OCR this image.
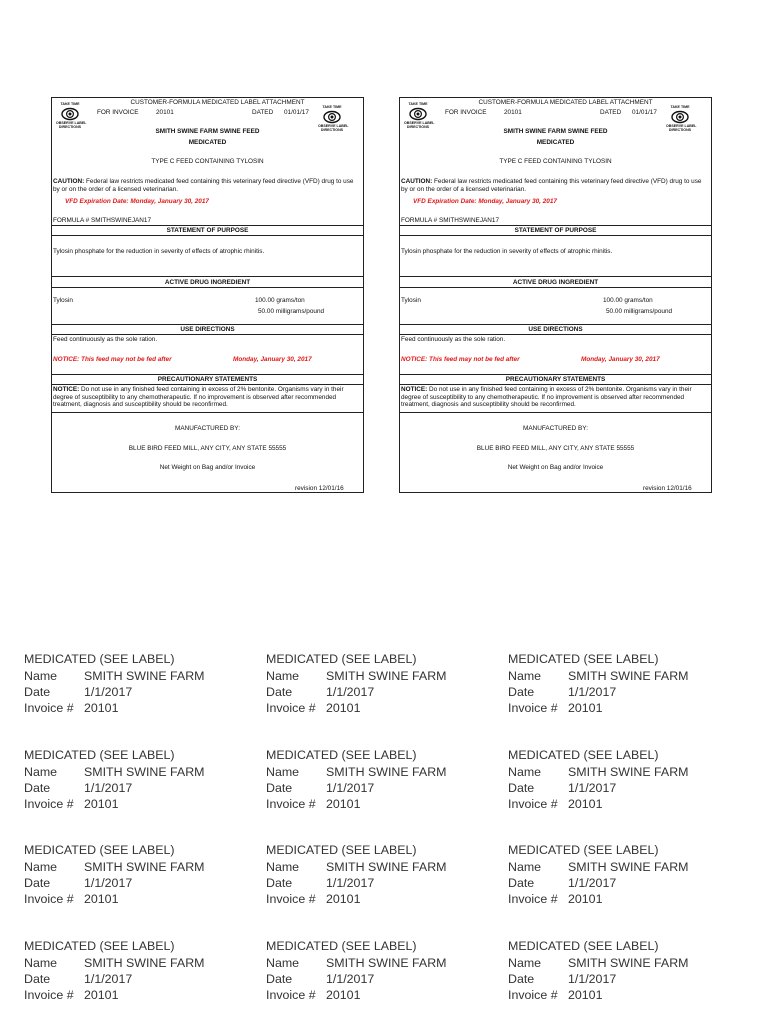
TAKE TIME
OBSERVE LABEL
DIRECTIONS
TAKE TIME
OBSERVE LABEL
DIRECTIONS
CUSTOMER-FORMULA MEDICATED LABEL ATTACHMENT
FOR INVOICE	20101	DATED 01/01/17
SMITH SWINE FARM SWINE FEED
MEDICATED
TYPE C FEED CONTAINING TYLOSIN
CAUTION: Federal law restricts medicated feed containing this veterinary feed directive (VFD) drug to use by or on the order of a licensed veterinarian.
VFD Expiration Date: Monday, January 30, 2017
FORMULA # SMITHSWINEJAN17
STATEMENT OF PURPOSE
Tylosin phosphate for the reduction in severity of effects of atrophic rhinitis.
ACTIVE DRUG INGREDIENT
Tylosin	100.00 grams/ton
50.00 milligrams/pound
USE DIRECTIONS
Feed continuously as the sole ration.
NOTICE: This feed may not be fed after	Monday, January 30, 2017
PRECAUTIONARY STATEMENTS
NOTICE: Do not use in any finished feed containing in excess of 2% bentonite. Organisms vary in their degree of susceptibility to any chemotherapeutic. If no improvement is observed after recommended treatment, diagnosis and susceptibility should be reconfirmed.
MANUFACTURED BY:
BLUE BIRD FEED MILL, ANY CITY, ANY STATE 55555
Net Weight on Bag and/or Invoice
revision 12/01/16
TAKE TIME
OBSERVE LABEL
DIRECTIONS
TAKE TIME
OBSERVE LABEL
DIRECTIONS
CUSTOMER-FORMULA MEDICATED LABEL ATTACHMENT
FOR INVOICE	20101	DATED 01/01/17
SMITH SWINE FARM SWINE FEED
MEDICATED
TYPE C FEED CONTAINING TYLOSIN
CAUTION: Federal law restricts medicated feed containing this veterinary feed directive (VFD) drug to use by or on the order of a licensed veterinarian.
VFD Expiration Date: Monday, January 30, 2017
FORMULA # SMITHSWINEJAN17
STATEMENT OF PURPOSE
Tylosin phosphate for the reduction in severity of effects of atrophic rhinitis.
ACTIVE DRUG INGREDIENT
Tylosin	100.00 grams/ton
50.00 milligrams/pound
USE DIRECTIONS
Feed continuously as the sole ration.
NOTICE: This feed may not be fed after	Monday, January 30, 2017
PRECAUTIONARY STATEMENTS
NOTICE: Do not use in any finished feed containing in excess of 2% bentonite. Organisms vary in their degree of susceptibility to any chemotherapeutic. If no improvement is observed after recommended treatment, diagnosis and susceptibility should be reconfirmed.
MANUFACTURED BY:
BLUE BIRD FEED MILL, ANY CITY, ANY STATE 55555
Net Weight on Bag and/or Invoice
revision 12/01/16
MEDICATED (SEE LABEL)
Name SMITH SWINE FARM
Date	1/1/2017
Invoice # 20101
MEDICATED (SEE LABEL)
Name SMITH SWINE FARM
Date	1/1/2017
Invoice # 20101
MEDICATED (SEE LABEL)
Name SMITH SWINE FARM
Date	1/1/2017
Invoice # 20101
MEDICATED (SEE LABEL)
Name SMITH SWINE FARM
Date	1/1/2017
Invoice # 20101
MEDICATED (SEE LABEL)
Name SMITH SWINE FARM
Date	1/1/2017
Invoice # 20101
MEDICATED (SEE LABEL)
Name SMITH SWINE FARM
Date	1/1/2017
Invoice # 20101
MEDICATED (SEE LABEL)
Name SMITH SWINE FARM
Date	1/1/2017
Invoice # 20101
MEDICATED (SEE LABEL)
Name SMITH SWINE FARM
Date	1/1/2017
Invoice # 20101
MEDICATED (SEE LABEL)
Name SMITH SWINE FARM
Date	1/1/2017
Invoice # 20101
MEDICATED (SEE LABEL)
Name SMITH SWINE FARM
Date	1/1/2017
Invoice # 20101
MEDICATED (SEE LABEL)
Name SMITH SWINE FARM
Date	1/1/2017
Invoice # 20101
MEDICATED (SEE LABEL)
Name SMITH SWINE FARM
Date	1/1/2017
Invoice # 20101
